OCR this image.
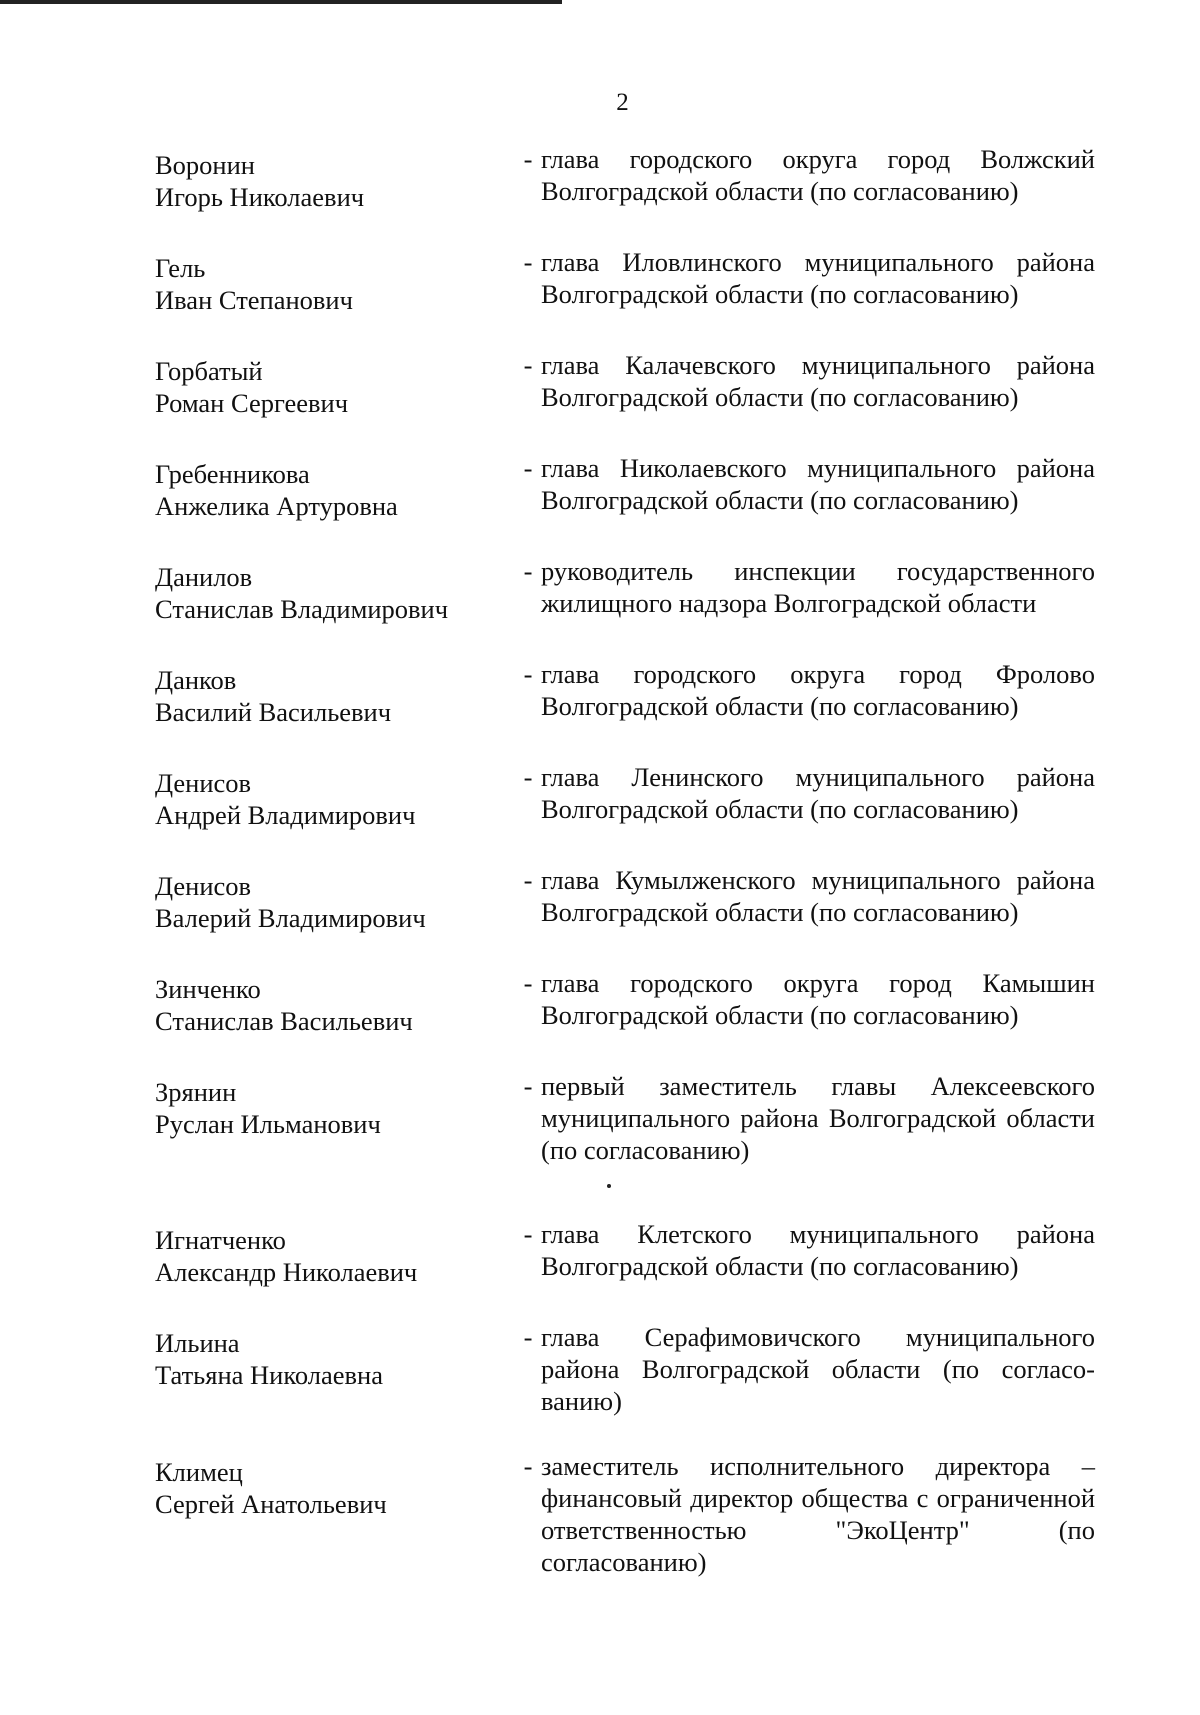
2
Воронин
Игорь Николаевич
- глава городского округа город Волжский Волгоградской области (по согласованию)
Гель
Иван Степанович
- глава Иловлинского муниципального района Волгоградской области (по согласованию)
Горбатый
Роман Сергеевич
- глава Калачевского муниципального района Волгоградской области (по согласованию)
Гребенникова
Анжелика Артуровна
- глава Николаевского муниципального района Волгоградской области (по согласованию)
Данилов
Станислав Владимирович
- руководитель инспекции государственного жилищного надзора Волгоградской области
Данков
Василий Васильевич
- глава городского округа город Фролово Волгоградской области (по согласованию)
Денисов
Андрей Владимирович
- глава Ленинского муниципального района Волгоградской области (по согласованию)
Денисов
Валерий Владимирович
- глава Кумылженского муниципального района Волгоградской области (по согласованию)
Зинченко
Станислав Васильевич
- глава городского округа город Камышин Волгоградской области (по согласованию)
Зрянин
Руслан Ильманович
- первый заместитель главы Алексеевского муниципального района Волгоградской области (по согласованию)
Игнатченко
Александр Николаевич
- глава Клетского муниципального района Волгоградской области (по согласованию)
Ильина
Татьяна Николаевна
- глава Серафимовичского муниципального района Волгоградской области (по согласованию)
Климец
Сергей Анатольевич
- заместитель исполнительного директора – финансовый директор общества с ограниченной ответственностью "ЭкоЦентр" (по согласованию)
